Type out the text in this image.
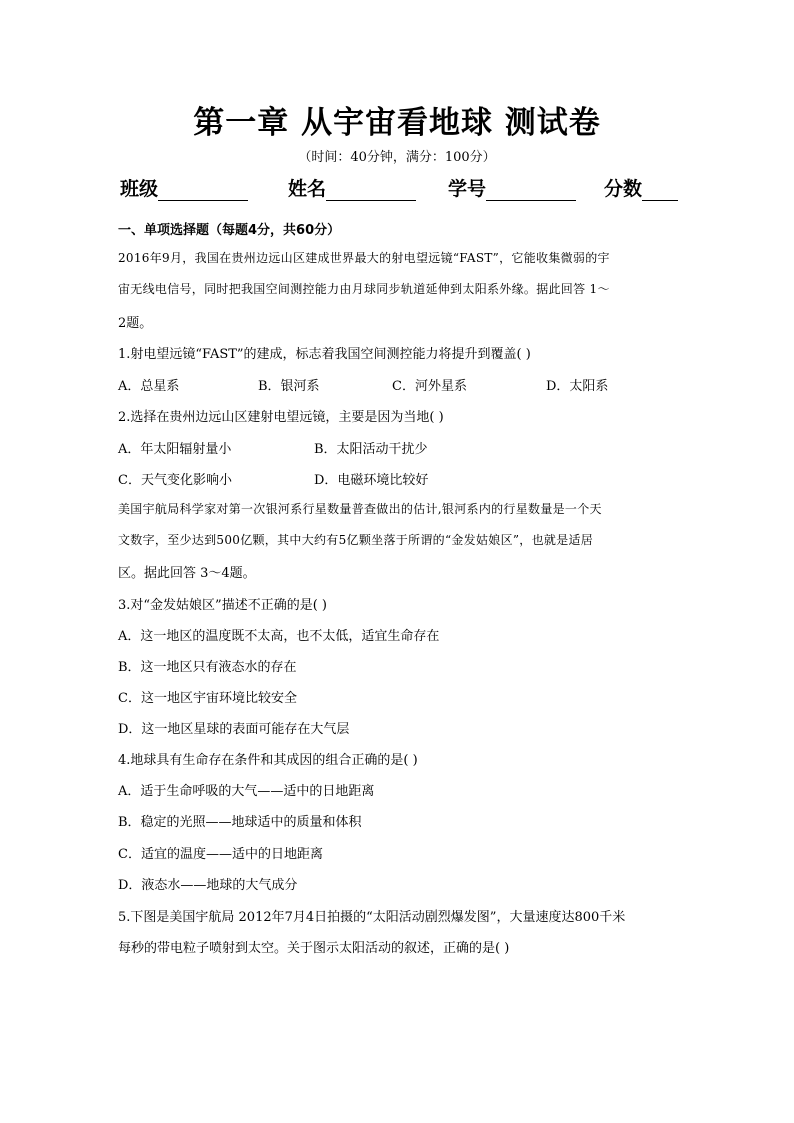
第一章 从宇宙看地球 测试卷
（时间：40分钟，满分：100分）
班级	姓名	学号	分数
一、单项选择题（每题4分，共60分）
2016年9月，我国在贵州边远山区建成世界最大的射电望远镜“FAST”，它能收集微弱的宇
宙无线电信号，同时把我国空间测控能力由月球同步轨道延伸到太阳系外缘。据此回答 1～
2题。
1.射电望远镜“FAST”的建成，标志着我国空间测控能力将提升到覆盖( )
A．总星系	B．银河系	C．河外星系	D．太阳系
2.选择在贵州边远山区建射电望远镜，主要是因为当地( )
A．年太阳辐射量小	B．太阳活动干扰少
C．天气变化影响小	D．电磁环境比较好
美国宇航局科学家对第一次银河系行星数量普查做出的估计,银河系内的行星数量是一个天
文数字，至少达到500亿颗，其中大约有5亿颗坐落于所谓的“金发姑娘区”，也就是适居
区。据此回答 3～4题。
3.对“金发姑娘区”描述不正确的是( )
A．这一地区的温度既不太高，也不太低，适宜生命存在
B．这一地区只有液态水的存在
C．这一地区宇宙环境比较安全
D．这一地区星球的表面可能存在大气层
4.地球具有生命存在条件和其成因的组合正确的是( )
A．适于生命呼吸的大气——适中的日地距离
B．稳定的光照——地球适中的质量和体积
C．适宜的温度——适中的日地距离
D．液态水——地球的大气成分
5.下图是美国宇航局 2012年7月4日拍摄的“太阳活动剧烈爆发图”，大量速度达800千米
每秒的带电粒子喷射到太空。关于图示太阳活动的叙述，正确的是( )
